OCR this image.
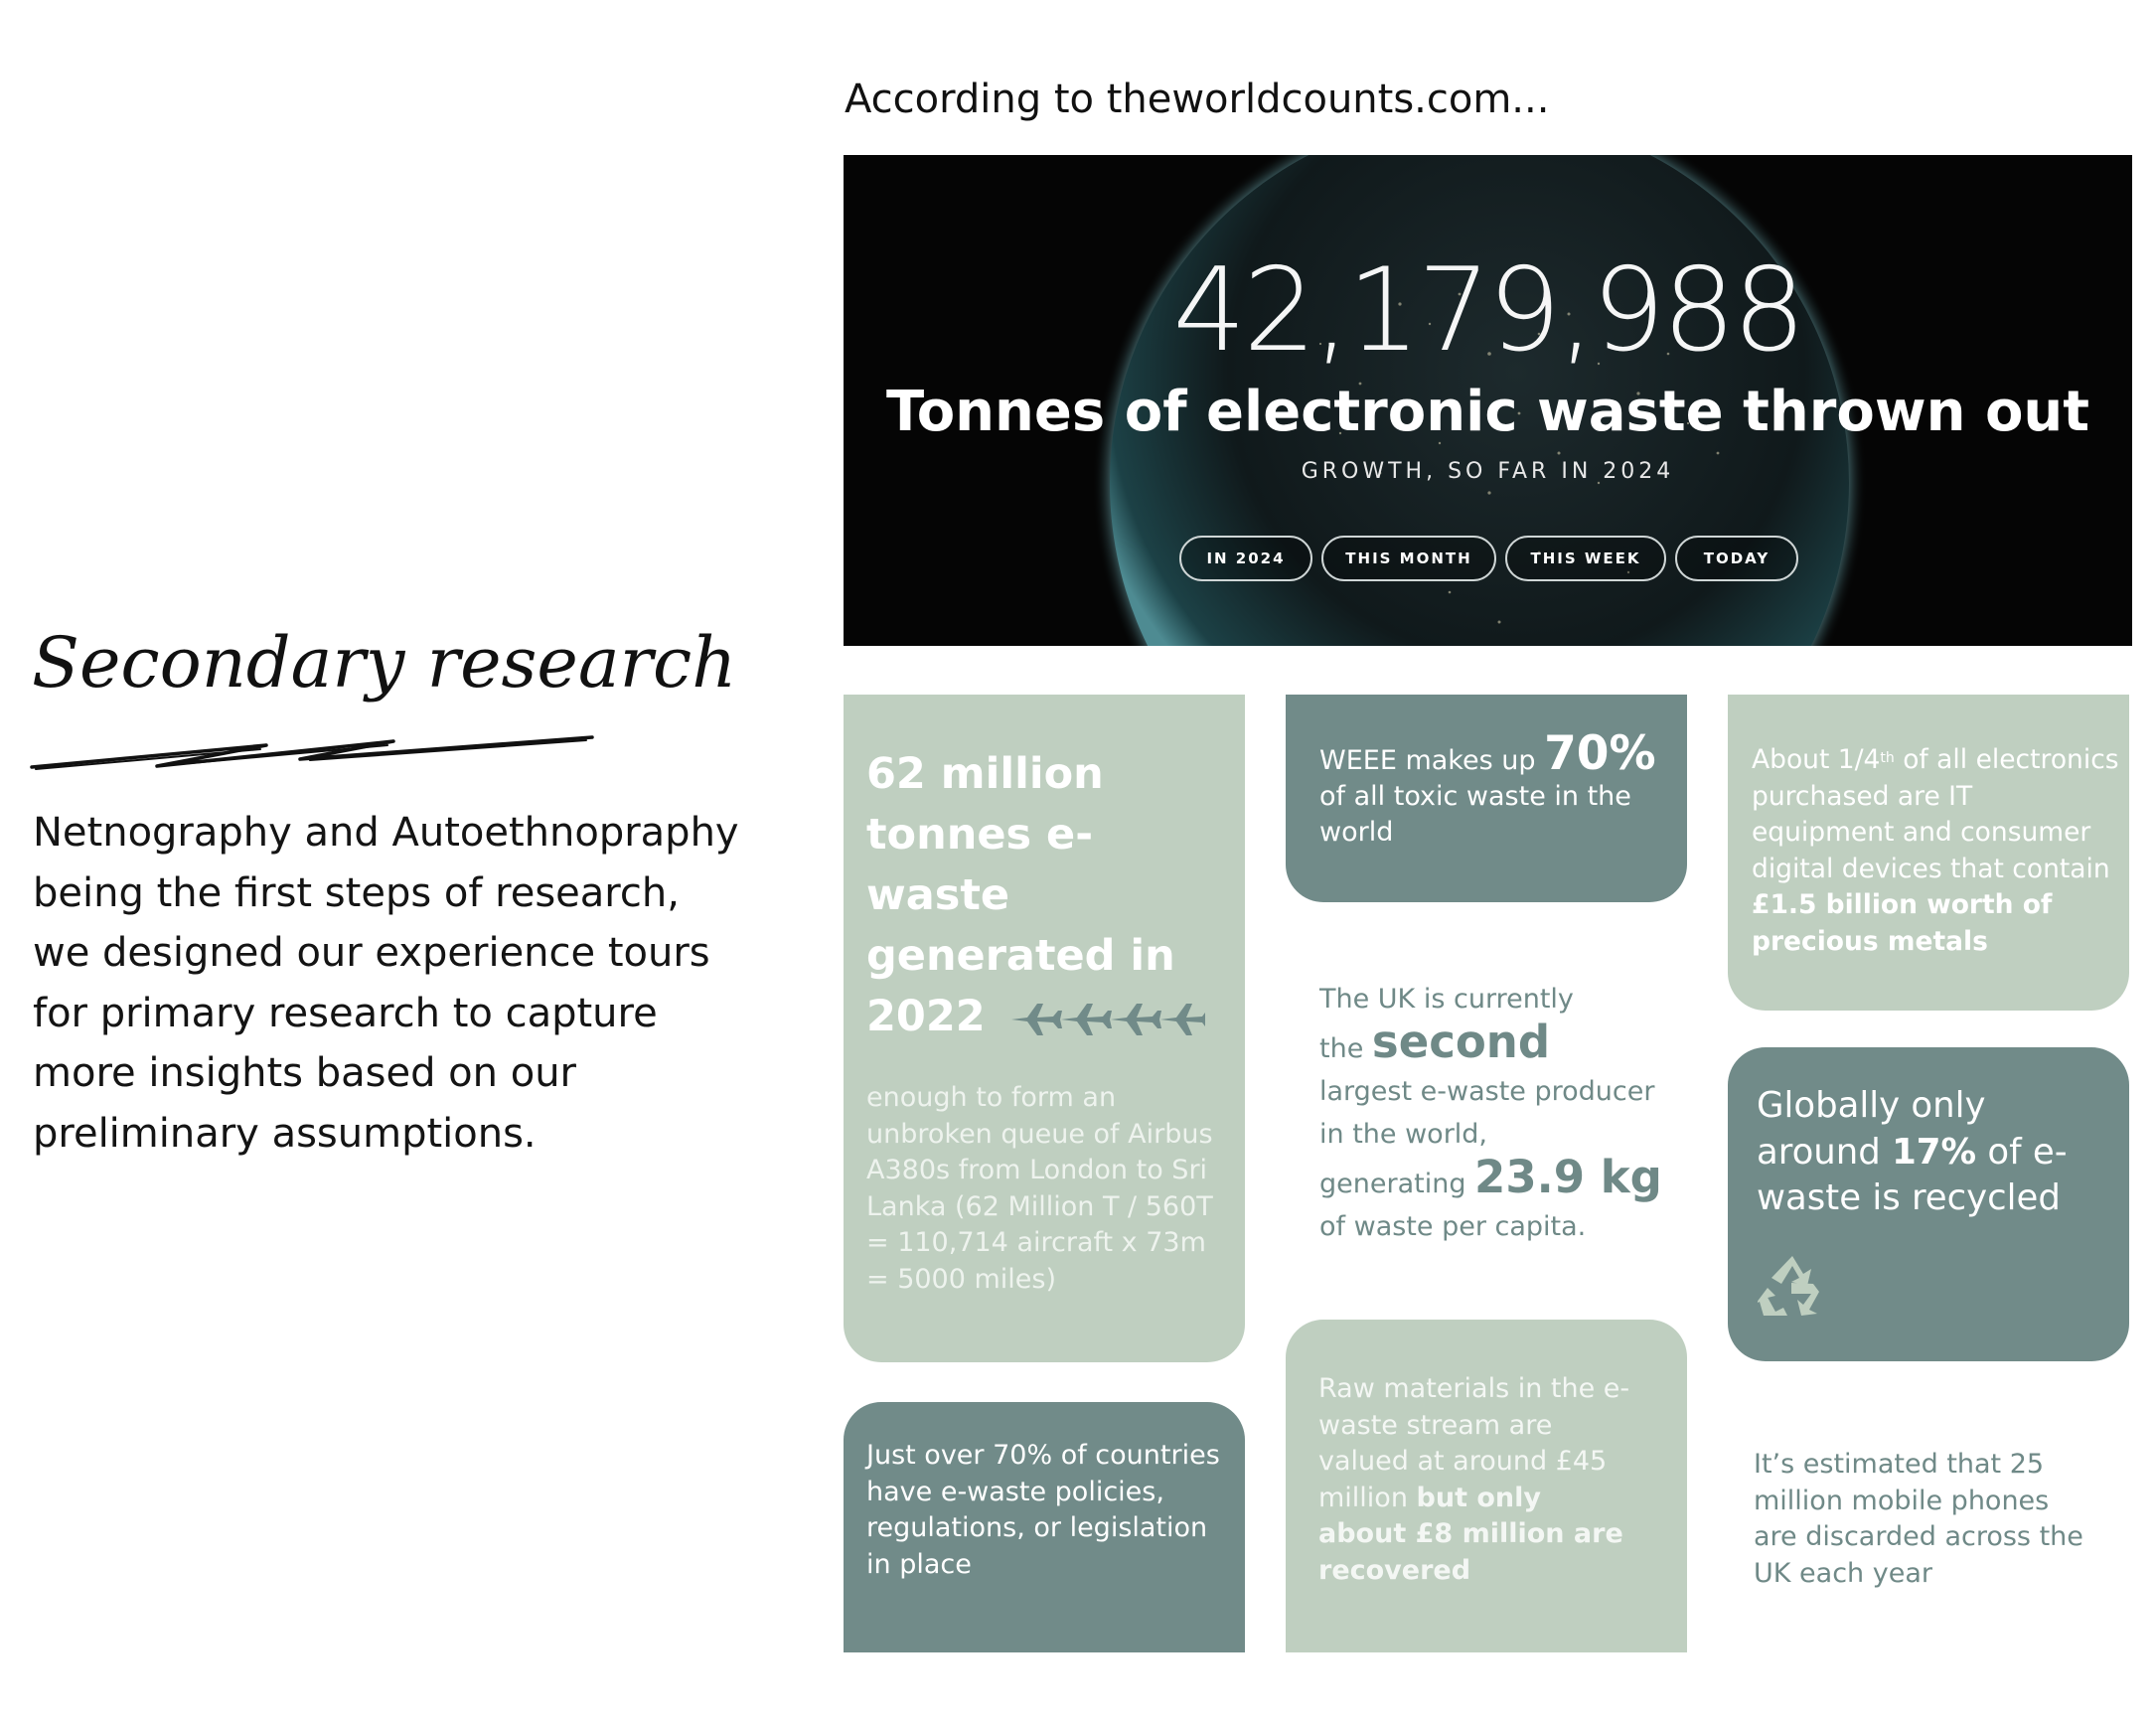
Secondary research
Netnography and Autoethnopraphy being the first steps of research, we designed our experience tours for primary research to capture more insights based on our preliminary assumptions.
According to theworldcounts.com...
42,179,988
Tonnes of electronic waste thrown out
GROWTH, SO FAR IN 2024
IN 2024	THIS MONTH	THIS WEEK	TODAY
62 million tonnes e-waste generated in 2022
enough to form an unbroken queue of Airbus A380s from London to Sri Lanka (62 Million T / 560T = 110,714 aircraft x 73m = 5000 miles)
WEEE makes up 70%
of all toxic waste in the world
About 1/4th of all electronics purchased are IT equipment and consumer digital devices that contain £1.5 billion worth of precious metals
The UK is currently
the second
largest e-waste producer in the world,
generating 23.9 kg
of waste per capita.
Globally only around 17% of e-waste is recycled
Just over 70% of countries have e-waste policies, regulations, or legislation in place
Raw materials in the e-waste stream are valued at around £45 million but only about £8 million are recovered
It’s estimated that 25 million mobile phones are discarded across the UK each year
